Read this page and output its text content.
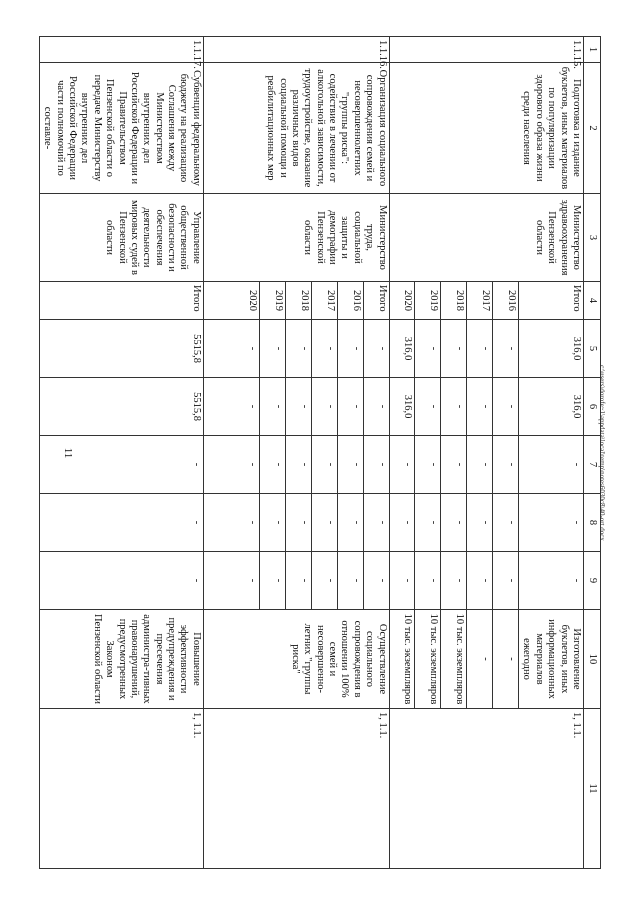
11
1	2	3	4	5	6	7	8	9	10	11
1.1.15.	Подготовка и издание буклетов, иных материалов по популяризации здорового образа жизни среди населения	Министерство здравоохранения Пензенской области	Итого	316,0	316,0	-	-	-	Изготовление буклетов, иных информационных материалов ежегодно	1, 1.1.
			2016	-	-	-	-	-	-	
			2017	-	-	-	-	-	-	
			2018	-	-	-	-	-	10 тыс. экземпляров	
			2019	-	-	-	-	-	10 тыс. экземпляров	
			2020	316,0	316,0	-	-	-	10 тыс. экземпляров	
1.1.16.	Организация социального сопровождения семей и несовершеннолетних "группы риска": содействие в лечении от алкогольной зависимости, трудоустройстве, оказание различных видов социальной помощи и реабилитационных мер	Министерство труда, социальной защиты и демографии Пензенской области	Итого	-	-	-	-	-	Осуществление социального сопровождения в отношении 100% семей и несовершенно-летних "группы риска"	1, 1.1.
			2016	-	-	-	-	-		
			2017	-	-	-	-	-		
			2018	-	-	-	-	-		
			2019	-	-	-	-	-		
			2020	-	-	-	-	-		
1.1.17.	Субвенции федеральному бюджету на реализацию Соглашения между Министерством внутренних дел Российской Федерации и Правительством Пензенской области о передаче Министерству внутренних дел Российской Федерации части полномочий по составле-	Управление общественной безопасности и обеспечения деятельности мировых судей в Пензенской области	Итого	5515,8	5515,8	-	-	-	Повышение эффективности предупреждения и пресечения администра-тивных правонарушений, предусмотренных Законом Пензенской области	1, 1.1.
c:\users\dorofe~1\appdata\local\temp\notes6030c8\40-ort.docx
